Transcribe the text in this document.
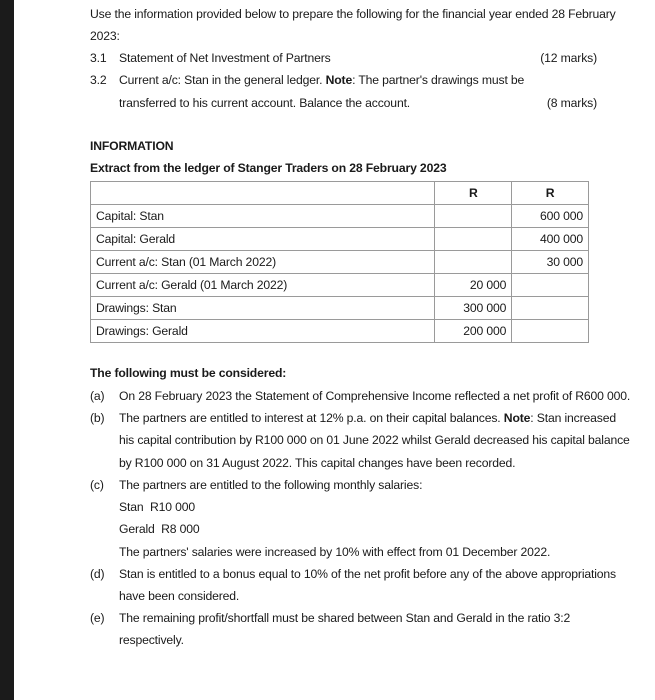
Use the information provided below to prepare the following for the financial year ended 28 February
2023:
3.1 Statement of Net Investment of Partners	(12 marks)
3.2 Current a/c: Stan in the general ledger. Note: The partner's drawings must be
transferred to his current account. Balance the account.	(8 marks)
INFORMATION
Extract from the ledger of Stanger Traders on 28 February 2023
	R	R
Capital: Stan		600 000
Capital: Gerald		400 000
Current a/c: Stan (01 March 2022)		30 000
Current a/c: Gerald (01 March 2022)	20 000	
Drawings: Stan	300 000	
Drawings: Gerald	200 000	
The following must be considered:
(a) On 28 February 2023 the Statement of Comprehensive Income reflected a net profit of R600 000.
(b) The partners are entitled to interest at 12% p.a. on their capital balances. Note: Stan increased
his capital contribution by R100 000 on 01 June 2022 whilst Gerald decreased his capital balance
by R100 000 on 31 August 2022. This capital changes have been recorded.
(c) The partners are entitled to the following monthly salaries:
Stan  R10 000
Gerald  R8 000
The partners' salaries were increased by 10% with effect from 01 December 2022.
(d) Stan is entitled to a bonus equal to 10% of the net profit before any of the above appropriations
have been considered.
(e) The remaining profit/shortfall must be shared between Stan and Gerald in the ratio 3:2
respectively.
